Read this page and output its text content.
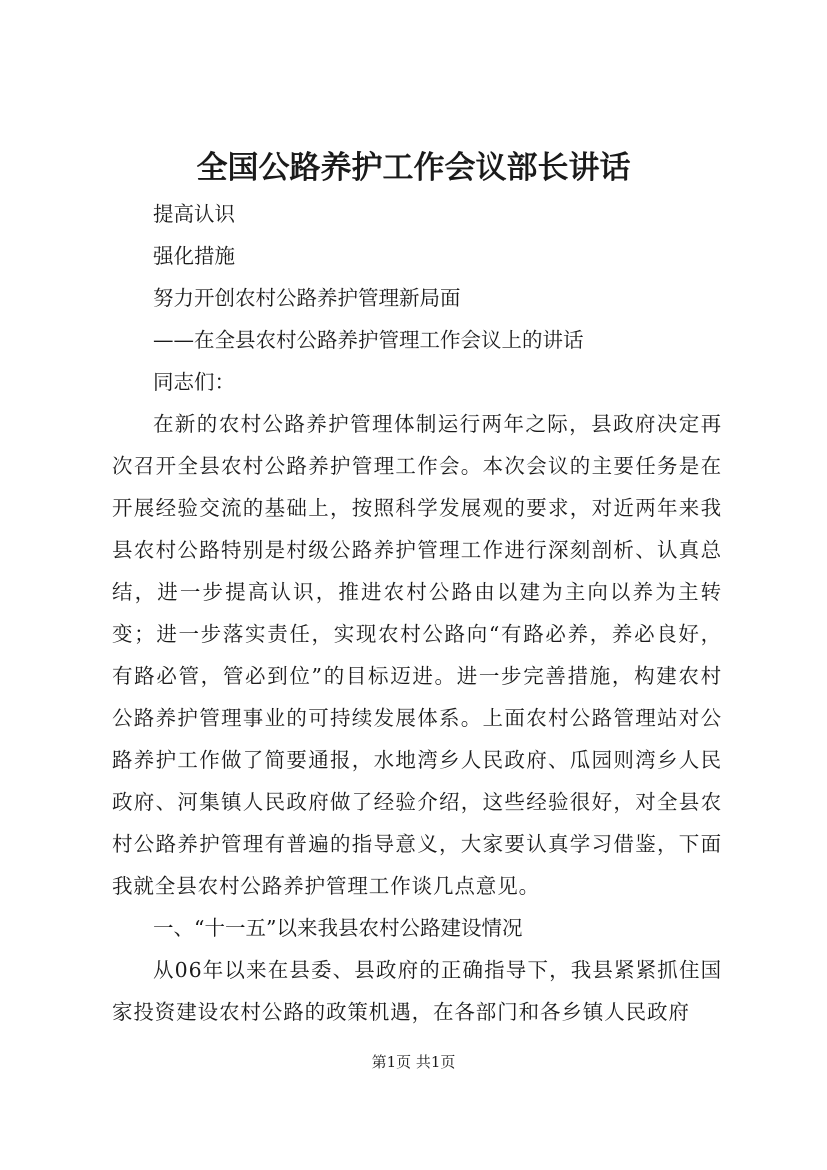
全国公路养护工作会议部长讲话

提高认识

强化措施

努力开创农村公路养护管理新局面

——在全县农村公路养护管理工作会议上的讲话

同志们：

在新的农村公路养护管理体制运行两年之际，县政府决定再次召开全县农村公路养护管理工作会。本次会议的主要任务是在开展经验交流的基础上，按照科学发展观的要求，对近两年来我县农村公路特别是村级公路养护管理工作进行深刻剖析、认真总结，进一步提高认识，推进农村公路由以建为主向以养为主转变；进一步落实责任，实现农村公路向“有路必养，养必良好，有路必管，管必到位”的目标迈进。进一步完善措施，构建农村公路养护管理事业的可持续发展体系。上面农村公路管理站对公路养护工作做了简要通报，水地湾乡人民政府、瓜园则湾乡人民政府、河集镇人民政府做了经验介绍，这些经验很好，对全县农村公路养护管理有普遍的指导意义，大家要认真学习借鉴，下面我就全县农村公路养护管理工作谈几点意见。

一、“十一五”以来我县农村公路建设情况

从06年以来在县委、县政府的正确指导下，我县紧紧抓住国家投资建设农村公路的政策机遇，在各部门和各乡镇人民政府

第1页 共1页
